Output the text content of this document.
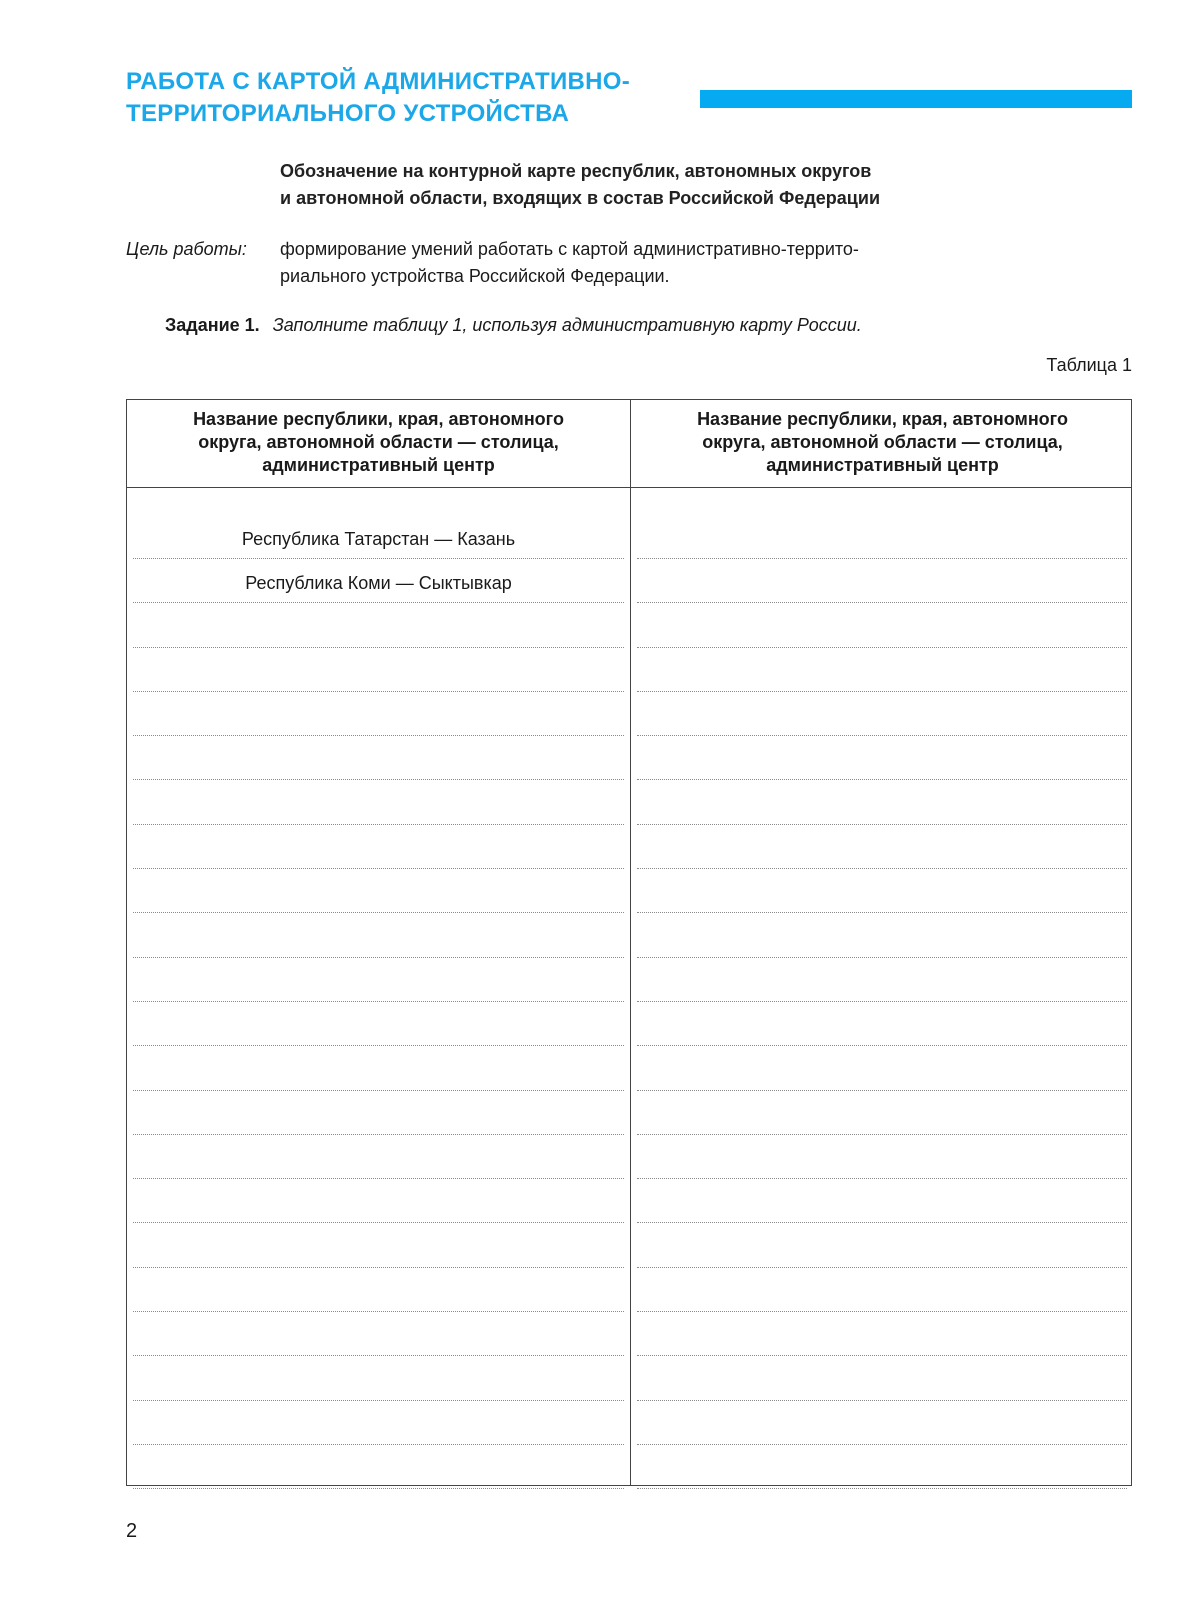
РАБОТА С КАРТОЙ АДМИНИСТРАТИВНО-
ТЕРРИТОРИАЛЬНОГО УСТРОЙСТВА
Обозначение на контурной карте республик, автономных округов
и автономной области, входящих в состав Российской Федерации
Цель работы: формирование умений работать с картой административно-террито-
риального устройства Российской Федерации.
Задание 1. Заполните таблицу 1, используя административную карту России.
Таблица 1
Название республики, края, автономного
округа, автономной области — столица,
административный центр
Название республики, края, автономного
округа, автономной области — столица,
административный центр
Республика Татарстан — Казань
Республика Коми — Сыктывкар
2
